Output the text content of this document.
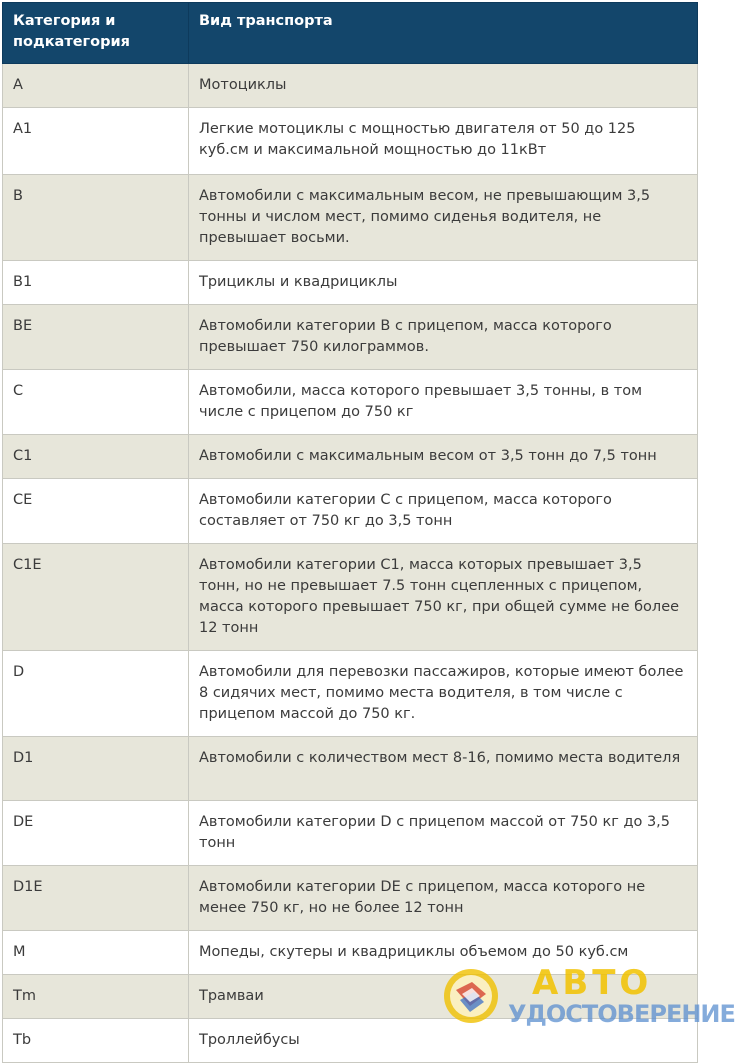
Категория и подкатегория	Вид транспорта
A	Мотоциклы
A1	Легкие мотоциклы с мощностью двигателя от 50 до 125 куб.см и максимальной мощностью до 11кВт
B	Автомобили с максимальным весом, не превышающим 3,5 тонны и числом мест, помимо сиденья водителя, не превышает восьми.
B1	Трициклы и квадрициклы
BE	Автомобили категории B с прицепом, масса которого превышает 750 килограммов.
C	Автомобили, масса которого превышает 3,5 тонны, в том числе с прицепом до 750 кг
C1	Автомобили с максимальным весом от 3,5 тонн до 7,5 тонн
CE	Автомобили категории C с прицепом, масса которого составляет от 750 кг до 3,5 тонн
C1E	Автомобили категории C1, масса которых превышает 3,5 тонн, но не превышает 7.5 тонн сцепленных с прицепом, масса которого превышает 750 кг, при общей сумме не более 12 тонн
D	Автомобили для перевозки пассажиров, которые имеют более 8 сидячих мест, помимо места водителя, в том числе с прицепом массой до 750 кг.
D1	Автомобили с количеством мест 8-16, помимо места водителя
DE	Автомобили категории D с прицепом массой от 750 кг до 3,5 тонн
D1E	Автомобили категории DE с прицепом, масса которого не менее 750 кг, но не более 12 тонн
M	Мопеды, скутеры и квадрициклы объемом до 50 куб.см
Tm	Трамваи
Tb	Троллейбусы
АВТО
УДОСТОВЕРЕНИЕ
